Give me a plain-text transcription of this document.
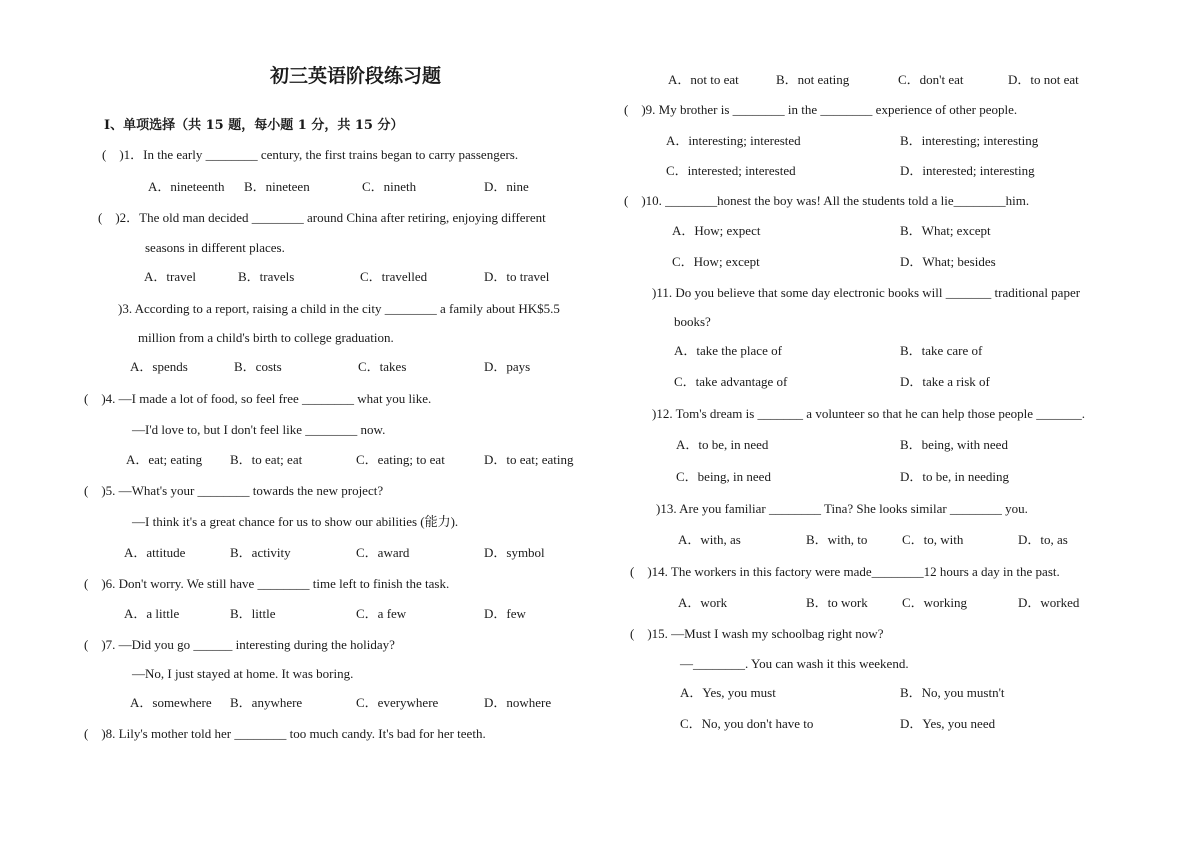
初三英语阶段练习题
I、单项选择（共 15 题，每小题 1 分，共 15 分）
(　)1．In the early ________ century, the first trains began to carry passengers.
A．nineteenth B．nineteen	C．nineth	D．nine
(　)2．The old man decided ________ around China after retiring, enjoying different
seasons in different places.
A．travel	B．travels	C．travelled	D．to travel
)3. According to a report, raising a child in the city ________ a family about HK$5.5
million from a child's birth to college graduation.
A．spends	B．costs	C．takes	D．pays
(　)4. —I made a lot of food, so feel free ________ what you like.
—I'd love to, but I don't feel like ________ now.
A．eat; eating B．to eat; eat	C．eating; to eat	D．to eat; eating
(　)5. —What's your ________ towards the new project?
—I think it's a great chance for us to show our abilities (能力).
A．attitude	B．activity	C．award	D．symbol
(　)6. Don't worry. We still have ________ time left to finish the task.
A．a little	B．little	C．a few	D．few
(　)7. —Did you go ______ interesting during the holiday?
—No, I just stayed at home. It was boring.
A．somewhere B．anywhere	C．everywhere	D．nowhere
(　)8. Lily's mother told her ________ too much candy. It's bad for her teeth.
A．not to eat	B．not eating	C．don't eat	D．to not eat
(　)9. My brother is ________ in the ________ experience of other people.
A．interesting; interested	B．interesting; interesting
C．interested; interested	D．interested; interesting
(　)10. ________honest the boy was! All the students told a lie________him.
A．How; expect	B．What; except
C．How; except	D．What; besides
)11. Do you believe that some day electronic books will _______ traditional paper
books?
A．take the place of	B．take care of
C．take advantage of	D．take a risk of
)12. Tom's dream is _______ a volunteer so that he can help those people _______.
A．to be, in need	B．being, with need
C．being, in need	D．to be, in needing
)13. Are you familiar ________ Tina? She looks similar ________ you.
A．with, as	B．with, to	C．to, with	D．to, as
(　)14. The workers in this factory were made________12 hours a day in the past.
A．work	B．to work	C．working	D．worked
(　)15. —Must I wash my schoolbag right now?
—________. You can wash it this weekend.
A．Yes, you must	B．No, you mustn't
C．No, you don't have to	D．Yes, you need
